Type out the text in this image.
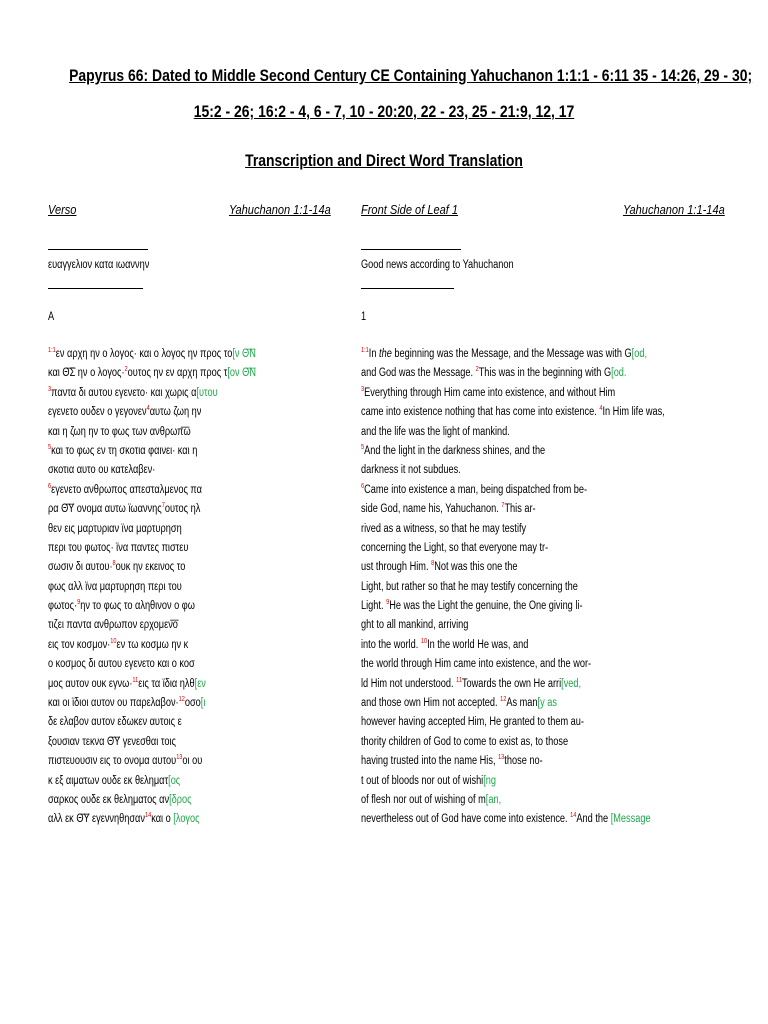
Papyrus 66: Dated to Middle Second Century CE Containing Yahuchanon 1:1:1 - 6:11 35 - 14:26, 29 - 30;
15:2 - 26; 16:2 - 4, 6 - 7, 10 - 20:20, 22 - 23, 25 - 21:9, 12, 17
Transcription and Direct Word Translation
Verso	Yahuchanon 1:1-14a Front Side of Leaf 1	Yahuchanon 1:1-14a
ευαγγελιον κατα ιωαννην	Good news according to Yahuchanon
Ā	1
$^{1:1}$εν αρχη ην ο λογος· και ο λογος ην προς το[ν Θ͞Ν
και Θ͞Σ ην ο λογος·$^2$ουτος ην εν αρχη προς τ[ον Θ͞Ν
$^3$παντα δι αυτου εγενετο· και χωρις α[υτου
εγενετο ουδεν ο γεγονεν$^4$αυτω ζωη ην
και η ζωη ην το φως των ανθρωπ͞ω
$^5$και το φως εν τη σκοτια φαινει· και η
σκοτια αυτο ου κατελαβεν·
$^6$εγενετο ανθρωπος απεσταλμενος πα
ρα Θ͞Υ ονομα αυτω ϊωαννης$^7$ουτος ηλ
θεν εις μαρτυριαν ϊνα μαρτυρηση
περι του φωτος· ϊνα παντες πιστευ
σωσιν δι αυτου·$^8$ουκ ην εκεινος το
φως αλλ ϊνα μαρτυρηση περι του
φωτος·$^9$ην το φως το αληθινον ο φω
τιζει παντα ανθρωπον ερχομεν͞ο
εις τον κοσμον·$^{10}$εν τω κοσμω ην κ
ο κοσμος δι αυτου εγενετο και ο κοσ
μος αυτον ουκ εγνω·$^{11}$εις τα ϊδια ηλθ[εν
και οι ϊδιοι αυτον ου παρελαβον·$^{12}$οσο[ι
δε ελαβον αυτον εδωκεν αυτοις ε
ξουσιαν τεκνα Θ͞Υ γενεσθαι τοις
πιστευουσιν εις το ονομα αυτου$^{13}$οι ου
κ εξ αιματων ουδε εκ θεληματ[ος
σαρκος ουδε εκ θεληματος αν[δρος
αλλ εκ Θ͞Υ εγεννηθησαν$^{14}$και ο [λογος
$^{1:1}$In the beginning was the Message, and the Message was with G[od,
and God was the Message. $^2$This was in the beginning with G[od.
$^3$Everything through Him came into existence, and without Him
came into existence nothing that has come into existence. $^4$In Him life was,
and the life was the light of mankind.
$^5$And the light in the darkness shines, and the
darkness it not subdues.
$^6$Came into existence a man, being dispatched from be-
side God, name his, Yahuchanon. $^7$This ar-
rived as a witness, so that he may testify
concerning the Light, so that everyone may tr-
ust through Him. $^8$Not was this one the
Light, but rather so that he may testify concerning the
Light. $^9$He was the Light the genuine, the One giving li-
ght to all mankind, arriving
into the world. $^{10}$In the world He was, and
the world through Him came into existence, and the wor-
ld Him not understood. $^{11}$Towards the own He arri[ved,
and those own Him not accepted. $^{12}$As man[y as
however having accepted Him, He granted to them au-
thority children of God to come to exist as, to those
having trusted into the name His, $^{13}$those no-
t out of bloods nor out of wishi[ng
of flesh nor out of wishing of m[an,
nevertheless out of God have come into existence. $^{14}$And the [Message
